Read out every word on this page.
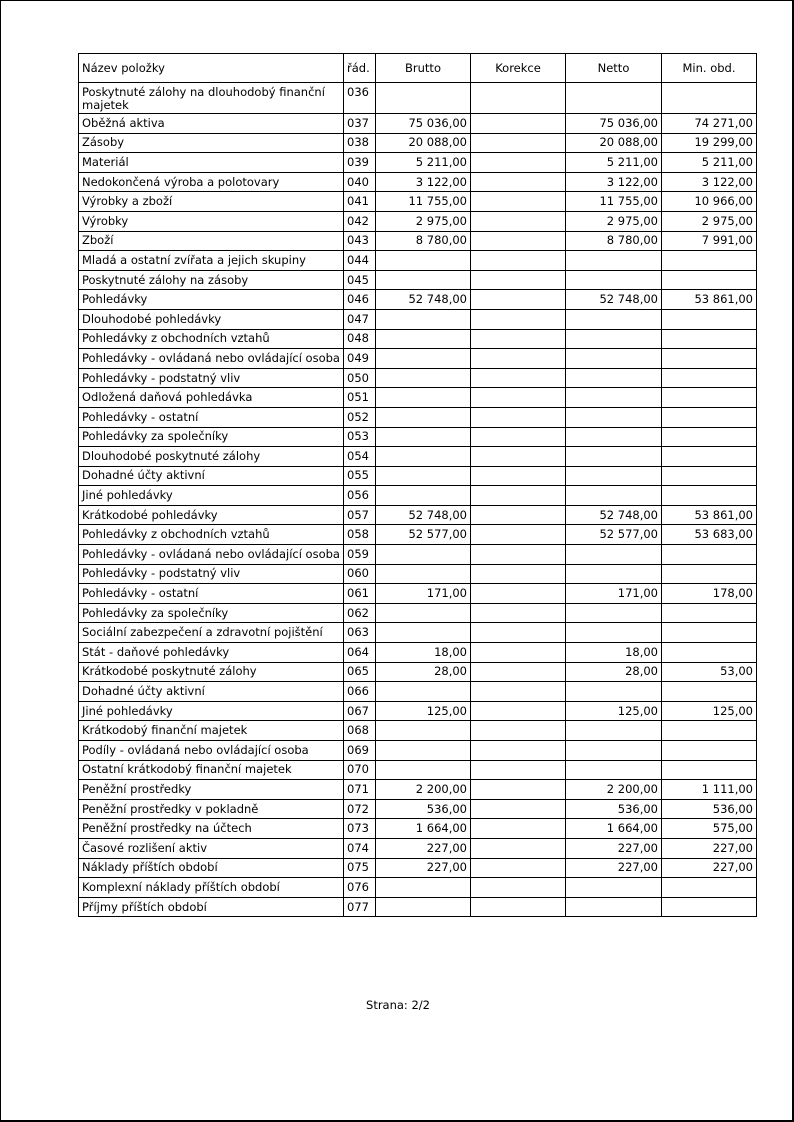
Název položky	řád.	Brutto	Korekce	Netto	Min. obd.
Poskytnuté zálohy na dlouhodobý finanční majetek	036				
Oběžná aktiva	037	75 036,00		75 036,00	74 271,00
Zásoby	038	20 088,00		20 088,00	19 299,00
Materiál	039	5 211,00		5 211,00	5 211,00
Nedokončená výroba a polotovary	040	3 122,00		3 122,00	3 122,00
Výrobky a zboží	041	11 755,00		11 755,00	10 966,00
Výrobky	042	2 975,00		2 975,00	2 975,00
Zboží	043	8 780,00		8 780,00	7 991,00
Mladá a ostatní zvířata a jejich skupiny	044				
Poskytnuté zálohy na zásoby	045				
Pohledávky	046	52 748,00		52 748,00	53 861,00
Dlouhodobé pohledávky	047				
Pohledávky z obchodních vztahů	048				
Pohledávky - ovládaná nebo ovládající osoba	049				
Pohledávky - podstatný vliv	050				
Odložená daňová pohledávka	051				
Pohledávky - ostatní	052				
Pohledávky za společníky	053				
Dlouhodobé poskytnuté zálohy	054				
Dohadné účty aktivní	055				
Jiné pohledávky	056				
Krátkodobé pohledávky	057	52 748,00		52 748,00	53 861,00
Pohledávky z obchodních vztahů	058	52 577,00		52 577,00	53 683,00
Pohledávky - ovládaná nebo ovládající osoba	059				
Pohledávky - podstatný vliv	060				
Pohledávky - ostatní	061	171,00		171,00	178,00
Pohledávky za společníky	062				
Sociální zabezpečení a zdravotní pojištění	063				
Stát - daňové pohledávky	064	18,00		18,00	
Krátkodobé poskytnuté zálohy	065	28,00		28,00	53,00
Dohadné účty aktivní	066				
Jiné pohledávky	067	125,00		125,00	125,00
Krátkodobý finanční majetek	068				
Podíly - ovládaná nebo ovládající osoba	069				
Ostatní krátkodobý finanční majetek	070				
Peněžní prostředky	071	2 200,00		2 200,00	1 111,00
Peněžní prostředky v pokladně	072	536,00		536,00	536,00
Peněžní prostředky na účtech	073	1 664,00		1 664,00	575,00
Časové rozlišení aktiv	074	227,00		227,00	227,00
Náklady příštích období	075	227,00		227,00	227,00
Komplexní náklady příštích období	076				
Příjmy příštích období	077				
Strana: 2/2
